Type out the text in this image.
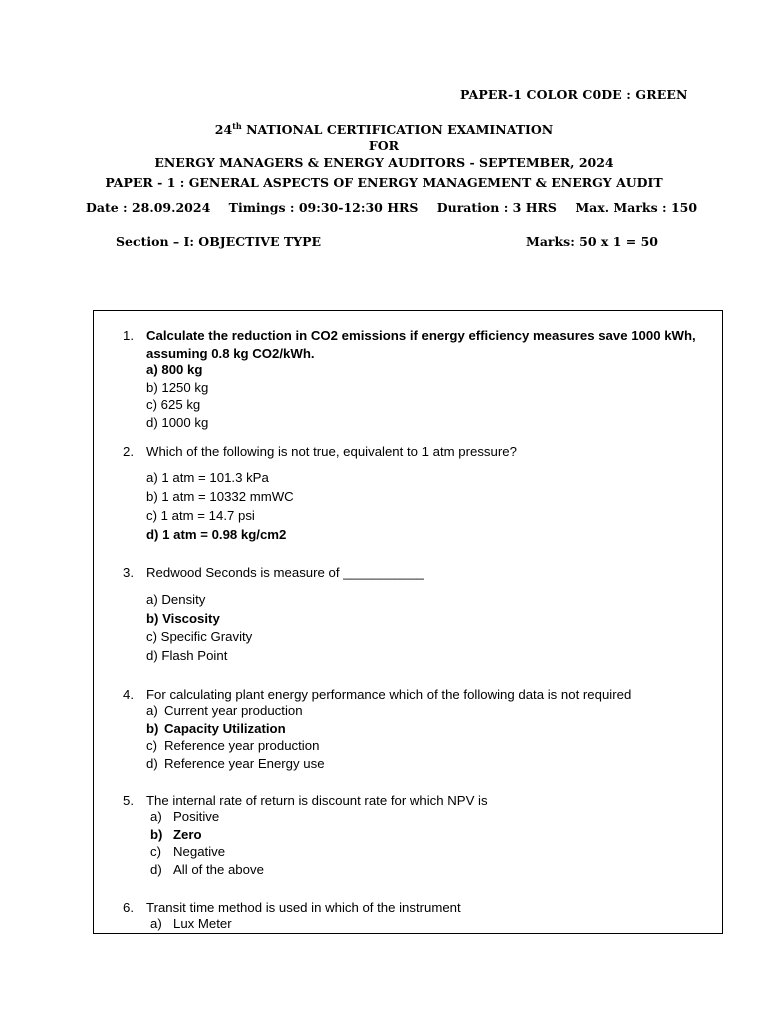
PAPER-1 COLOR C0DE : GREEN
24th NATIONAL CERTIFICATION EXAMINATION
FOR
ENERGY MANAGERS & ENERGY AUDITORS - SEPTEMBER, 2024
PAPER - 1 : GENERAL ASPECTS OF ENERGY MANAGEMENT & ENERGY AUDIT
Date : 28.09.2024 Timings : 09:30-12:30 HRS Duration : 3 HRS Max. Marks : 150
Section – I: OBJECTIVE TYPE	Marks: 50 x 1 = 50
1. Calculate the reduction in CO2 emissions if energy efficiency measures save 1000 kWh,
assuming 0.8 kg CO2/kWh.
a) 800 kg
b) 1250 kg
c) 625 kg
d) 1000 kg
2. Which of the following is not true, equivalent to 1 atm pressure?
a) 1 atm = 101.3 kPa
b) 1 atm = 10332 mmWC
c) 1 atm = 14.7 psi
d) 1 atm = 0.98 kg/cm2
3. Redwood Seconds is measure of ___________
a) Density
b) Viscosity
c) Specific Gravity
d) Flash Point
4. For calculating plant energy performance which of the following data is not required
a) Current year production
b) Capacity Utilization
c) Reference year production
d) Reference year Energy use
5. The internal rate of return is discount rate for which NPV is
a) Positive
b) Zero
c) Negative
d) All of the above
6. Transit time method is used in which of the instrument
a) Lux Meter
